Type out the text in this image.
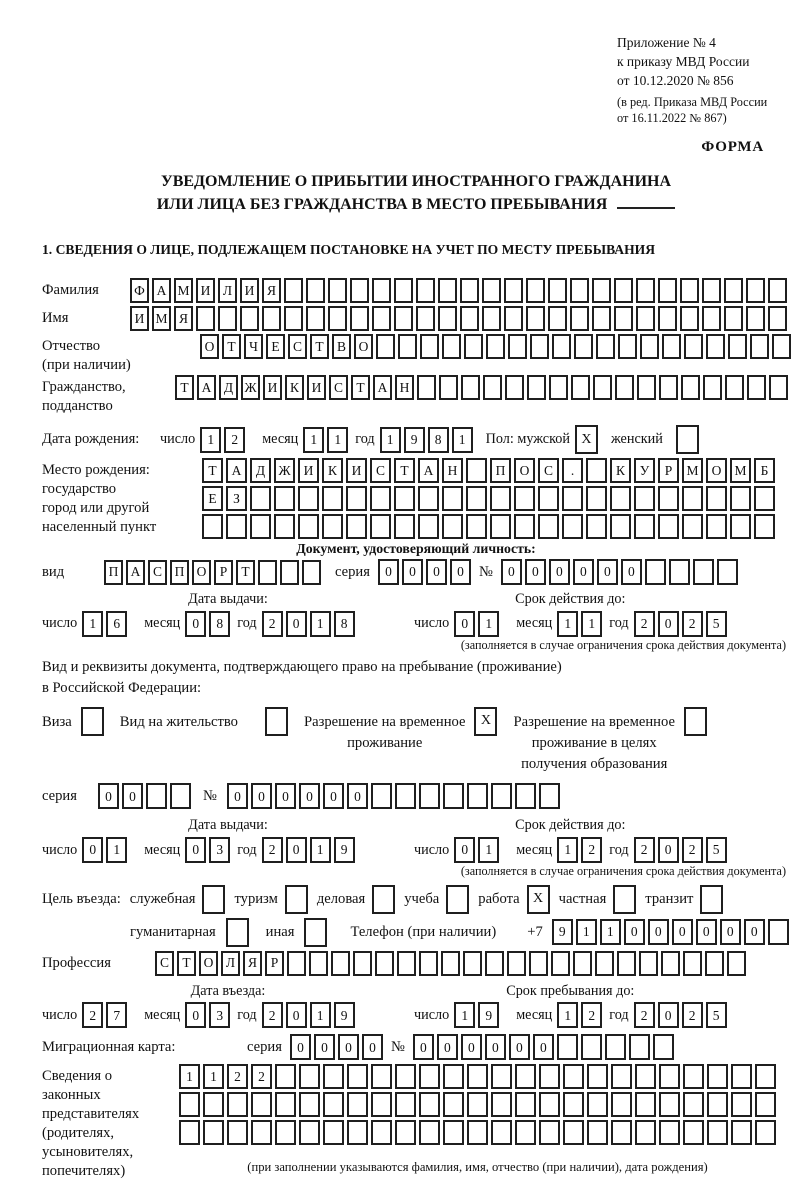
Приложение № 4
к приказу МВД России
от 10.12.2020 № 856
(в ред. Приказа МВД России
от 16.11.2022 № 867)
ФОРМА
УВЕДОМЛЕНИЕ О ПРИБЫТИИ ИНОСТРАННОГО ГРАЖДАНИНА
ИЛИ ЛИЦА БЕЗ ГРАЖДАНСТВА В МЕСТО ПРЕБЫВАНИЯ
1. СВЕДЕНИЯ О ЛИЦЕ, ПОДЛЕЖАЩЕМ ПОСТАНОВКЕ НА УЧЕТ ПО МЕСТУ ПРЕБЫВАНИЯ
Фамилия	Ф А М И Л И Я
Имя	И М Я
Отчество
(при наличии)
О Т Ч Е С Т В О
Гражданство,
подданство
Т А Д Ж И К И С Т А Н
Дата рождения:	число 1	2	месяц 1	1 год 1	9	8	1	Пол: мужской X	женский
Место рождения:
государство
город или другой
населенный пункт
Т	А	Д Ж И	К	И	С	Т	А	Н	П	О	С	.	К	У	Р	М О М	Б
Е	З
Документ, удостоверяющий личность:
вид	П А С П О Р	Т	серия	0	0	0	0	№	0	0	0	0	0	0
Дата выдачи:
число 1	6	месяц 0	8 год 2	0	1	8
Срок действия до:
число 0	1	месяц 1	1 год 2	0	2	5
(заполняется в случае ограничения срока действия документа)
Вид и реквизиты документа, подтверждающего право на пребывание (проживание)
в Российской Федерации:
Виза	Вид на жительство	Разрешение на временное
проживание
X	Разрешение на временное
проживание в целях
получения образования
серия	0	0	№	0	0	0	0	0	0
Дата выдачи:
число 0	1	месяц 0	3 год 2	0	1	9
Срок действия до:
число 0	1	месяц 1	2 год 2	0	2	5
(заполняется в случае ограничения срока действия документа)
Цель въезда: служебная	туризм	деловая	учеба	работа X	частная	транзит
гуманитарная	иная	Телефон (при наличии) +7	9	1	1	0	0	0	0	0	0
Профессия	С Т О Л Я	Р
Дата въезда:
число 2	7	месяц 0	3 год 2	0	1	9
Срок пребывания до:
число 1	9	месяц 1	2 год 2	0	2	5
Миграционная карта:	серия	0	0	0	0	№	0	0	0	0	0	0
Сведения о
законных
представителях
(родителях,
усыновителях,
попечителях)
1	1	2	2
(при заполнении указываются фамилия, имя, отчество (при наличии), дата рождения)
